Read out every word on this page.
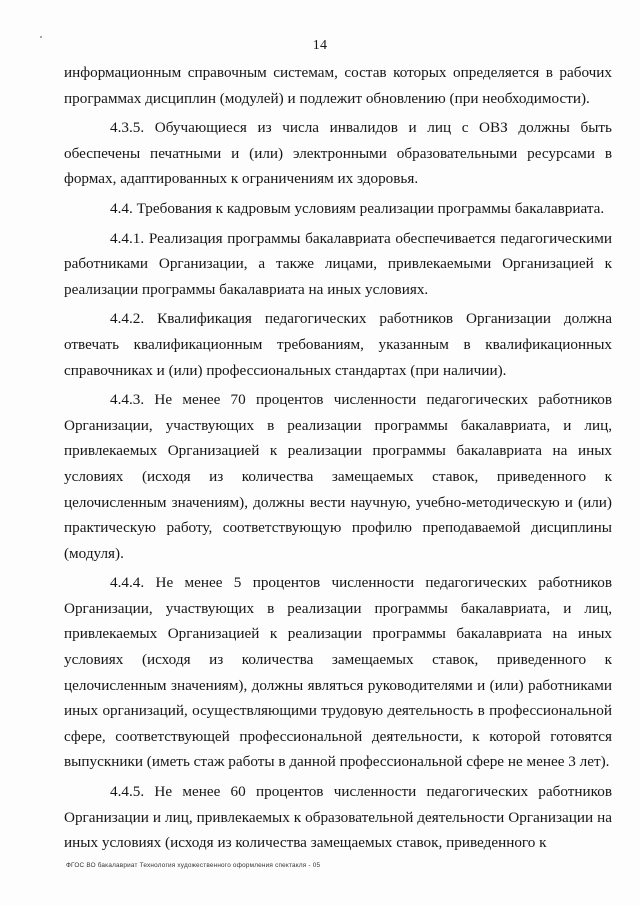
14

информационным справочным системам, состав которых определяется в рабочих программах дисциплин (модулей) и подлежит обновлению (при необходимости).

4.3.5. Обучающиеся из числа инвалидов и лиц с ОВЗ должны быть обеспечены печатными и (или) электронными образовательными ресурсами в формах, адаптированных к ограничениям их здоровья.

4.4. Требования к кадровым условиям реализации программы бакалавриата.

4.4.1. Реализация программы бакалавриата обеспечивается педагогическими работниками Организации, а также лицами, привлекаемыми Организацией к реализации программы бакалавриата на иных условиях.

4.4.2. Квалификация педагогических работников Организации должна отвечать квалификационным требованиям, указанным в квалификационных справочниках и (или) профессиональных стандартах (при наличии).

4.4.3. Не менее 70 процентов численности педагогических работников Организации, участвующих в реализации программы бакалавриата, и лиц, привлекаемых Организацией к реализации программы бакалавриата на иных условиях (исходя из количества замещаемых ставок, приведенного к целочисленным значениям), должны вести научную, учебно-методическую и (или) практическую работу, соответствующую профилю преподаваемой дисциплины (модуля).

4.4.4. Не менее 5 процентов численности педагогических работников Организации, участвующих в реализации программы бакалавриата, и лиц, привлекаемых Организацией к реализации программы бакалавриата на иных условиях (исходя из количества замещаемых ставок, приведенного к целочисленным значениям), должны являться руководителями и (или) работниками иных организаций, осуществляющими трудовую деятельность в профессиональной сфере, соответствующей профессиональной деятельности, к которой готовятся выпускники (иметь стаж работы в данной профессиональной сфере не менее 3 лет).

4.4.5. Не менее 60 процентов численности педагогических работников Организации и лиц, привлекаемых к образовательной деятельности Организации на иных условиях (исходя из количества замещаемых ставок, приведенного к

ФГОС ВО бакалавриат Технология художественного оформления спектакля - 05
